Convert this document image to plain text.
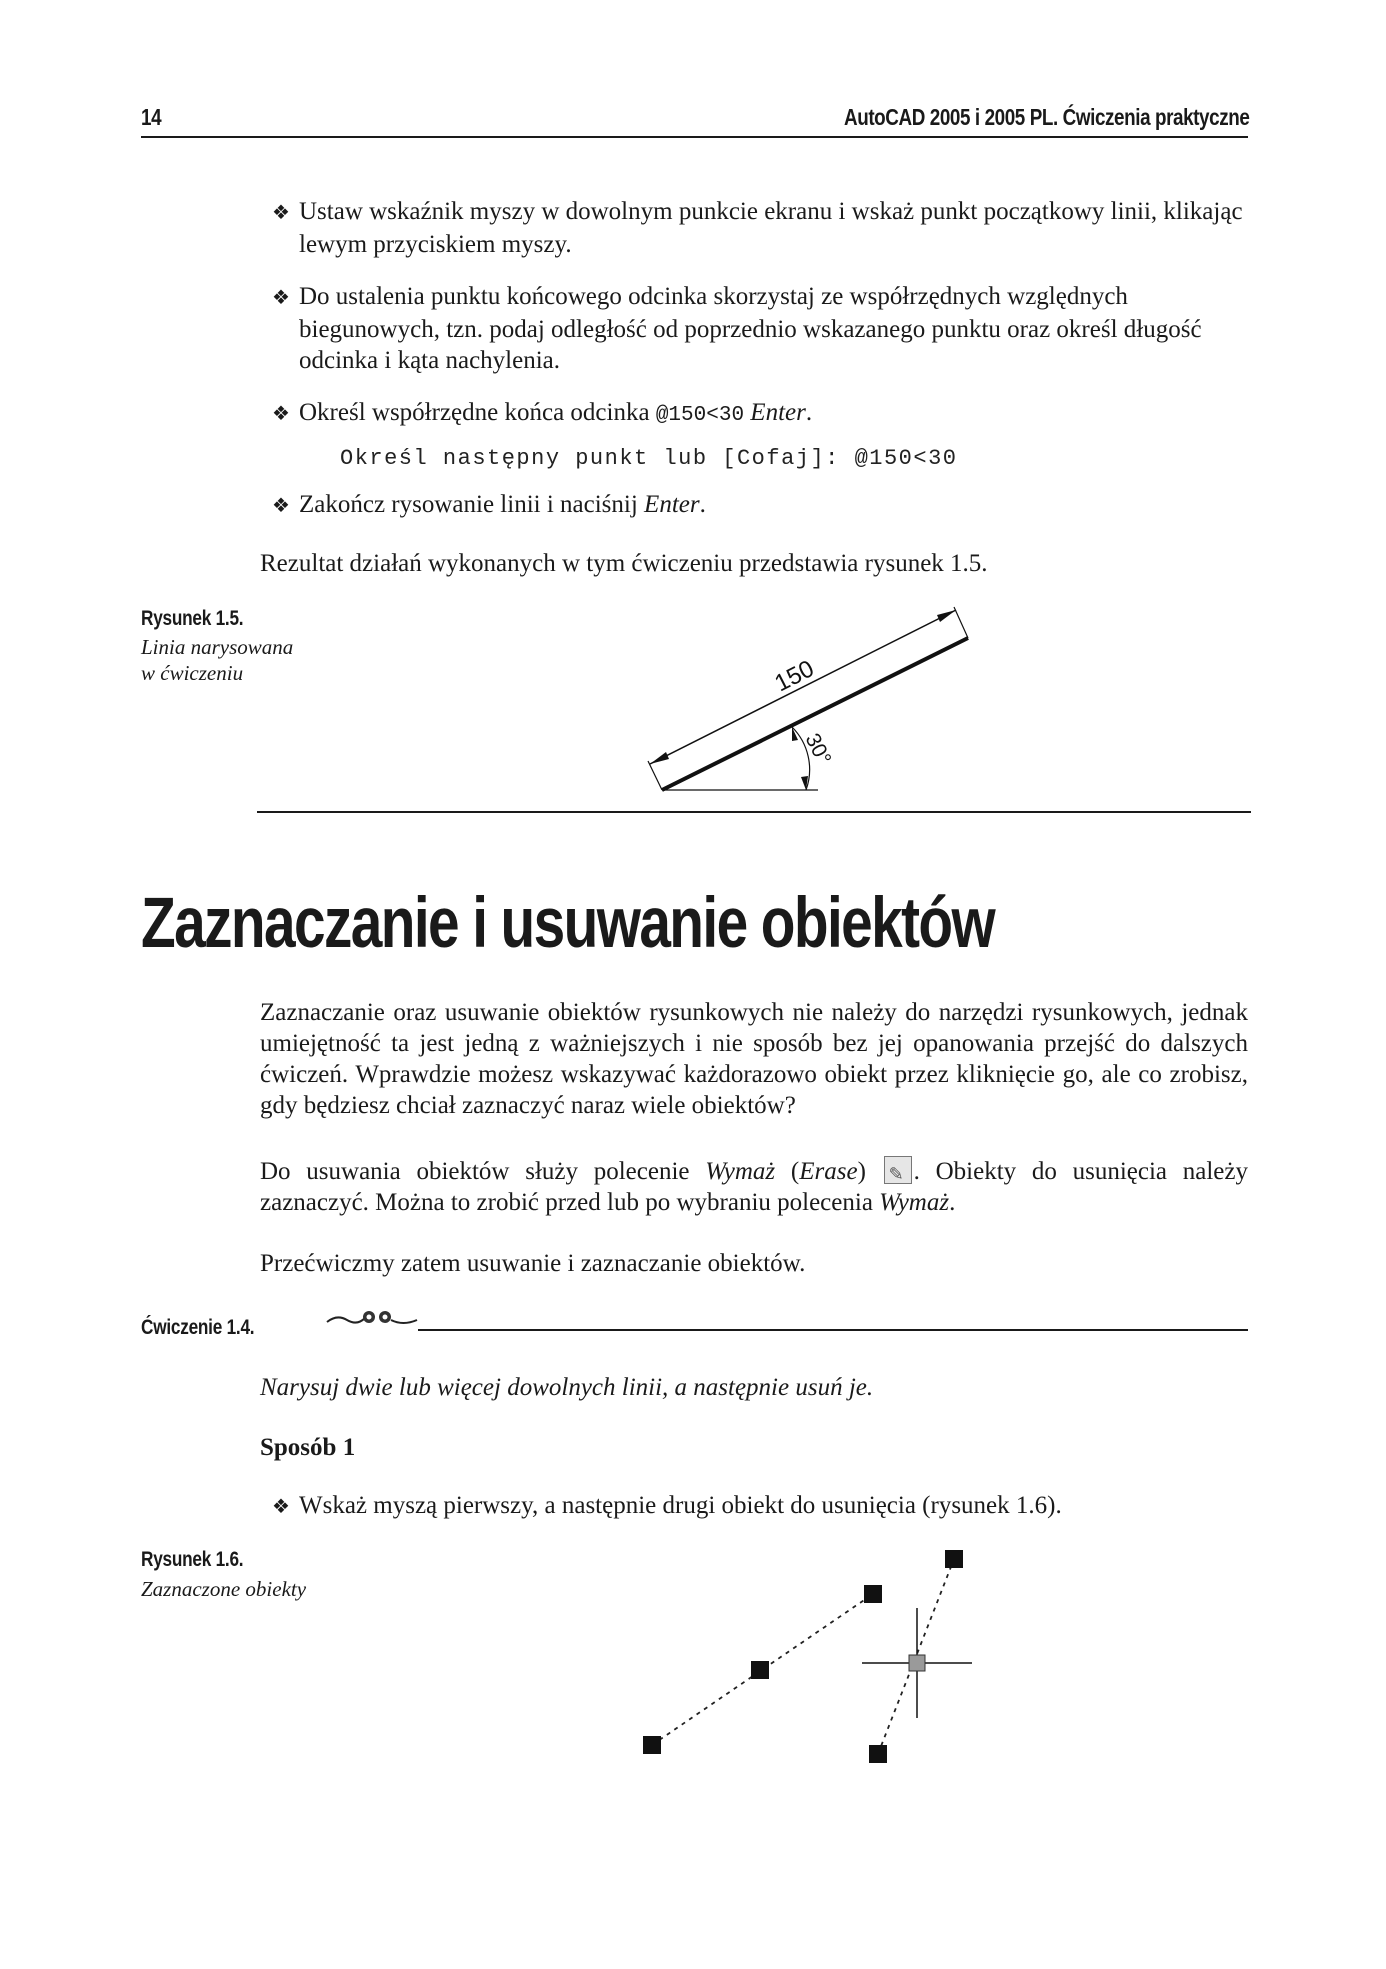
14	AutoCAD 2005 i 2005 PL. Ćwiczenia praktyczne
❖ Ustaw wskaźnik myszy w dowolnym punkcie ekranu i wskaż punkt początkowy linii, klikając lewym przyciskiem myszy.
❖ Do ustalenia punktu końcowego odcinka skorzystaj ze współrzędnych względnych biegunowych, tzn. podaj odległość od poprzednio wskazanego punktu oraz określ długość odcinka i kąta nachylenia.
❖ Określ współrzędne końca odcinka @150<30 Enter.
Określ następny punkt lub [Cofaj]: @150<30
❖ Zakończ rysowanie linii i naciśnij Enter.
Rezultat działań wykonanych w tym ćwiczeniu przedstawia rysunek 1.5.
Rysunek 1.5.
Linia narysowana
w ćwiczeniu	150
30°
Zaznaczanie i usuwanie obiektów
Zaznaczanie oraz usuwanie obiektów rysunkowych nie należy do narzędzi rysunkowych, jednak umiejętność ta jest jedną z ważniejszych i nie sposób bez jej opanowania przejść do dalszych ćwiczeń. Wprawdzie możesz wskazywać każdorazowo obiekt przez kliknięcie go, ale co zrobisz, gdy będziesz chciał zaznaczyć naraz wiele obiektów?
Do usuwania obiektów służy polecenie Wymaż (Erase) ✎ . Obiekty do usunięcia należy zaznaczyć. Można to zrobić przed lub po wybraniu polecenia Wymaż.
Przećwiczmy zatem usuwanie i zaznaczanie obiektów.
Ćwiczenie 1.4.
Narysuj dwie lub więcej dowolnych linii, a następnie usuń je.
Sposób 1
❖ Wskaż myszą pierwszy, a następnie drugi obiekt do usunięcia (rysunek 1.6).
Rysunek 1.6.
Zaznaczone obiekty
